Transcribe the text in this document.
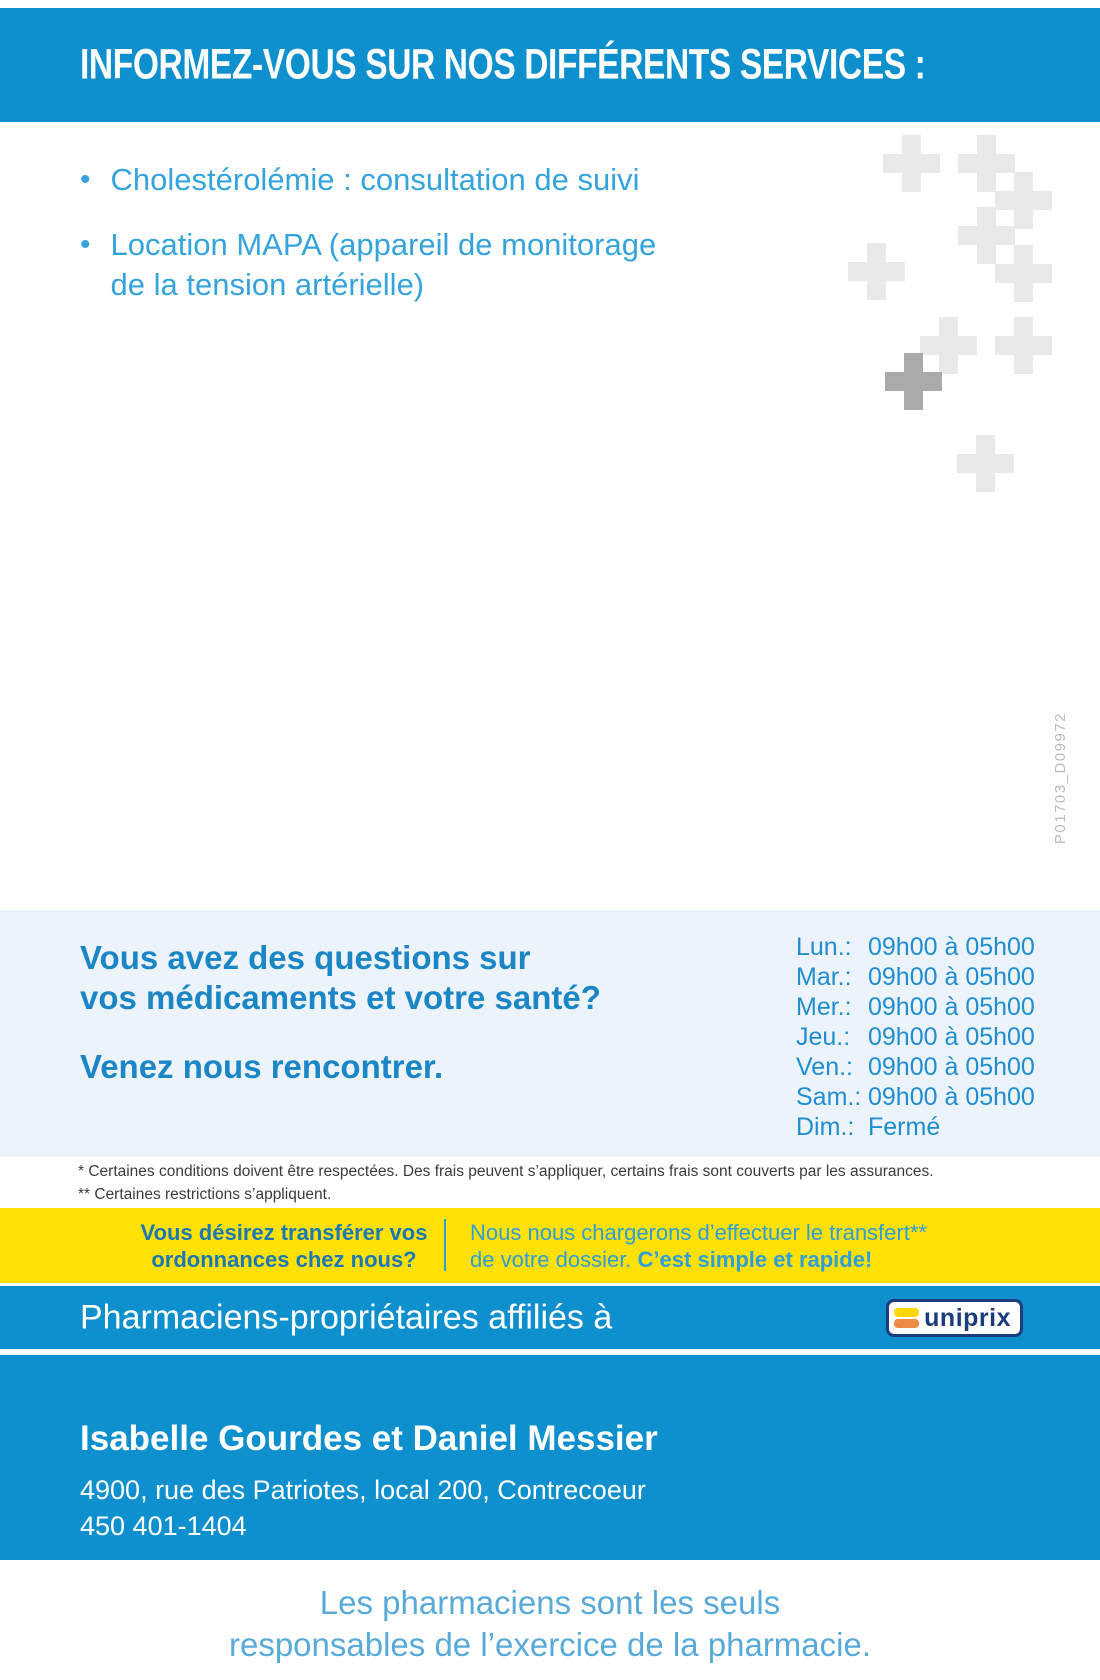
INFORMEZ-VOUS SUR NOS DIFFÉRENTS SERVICES :
• Cholestérolémie : consultation de suivi
• Location MAPA (appareil de monitorage
de la tension artérielle)
P01703_D09972
Vous avez des questions sur
vos médicaments et votre santé?
Venez nous rencontrer.
Lun.: 09h00 à 05h00
Mar.: 09h00 à 05h00
Mer.: 09h00 à 05h00
Jeu.: 09h00 à 05h00
Ven.: 09h00 à 05h00
Sam.: 09h00 à 05h00
Dim.: Fermé
* Certaines conditions doivent être respectées. Des frais peuvent s’appliquer, certains frais sont couverts par les assurances.
** Certaines restrictions s’appliquent.
Vous désirez transférer vos
ordonnances chez nous?
Nous nous chargerons d’effectuer le transfert**
de votre dossier. C’est simple et rapide!
Pharmaciens-propriétaires affiliés à	uniprix
Isabelle Gourdes et Daniel Messier
4900, rue des Patriotes, local 200, Contrecoeur
450 401-1404
Les pharmaciens sont les seuls
responsables de l’exercice de la pharmacie.
